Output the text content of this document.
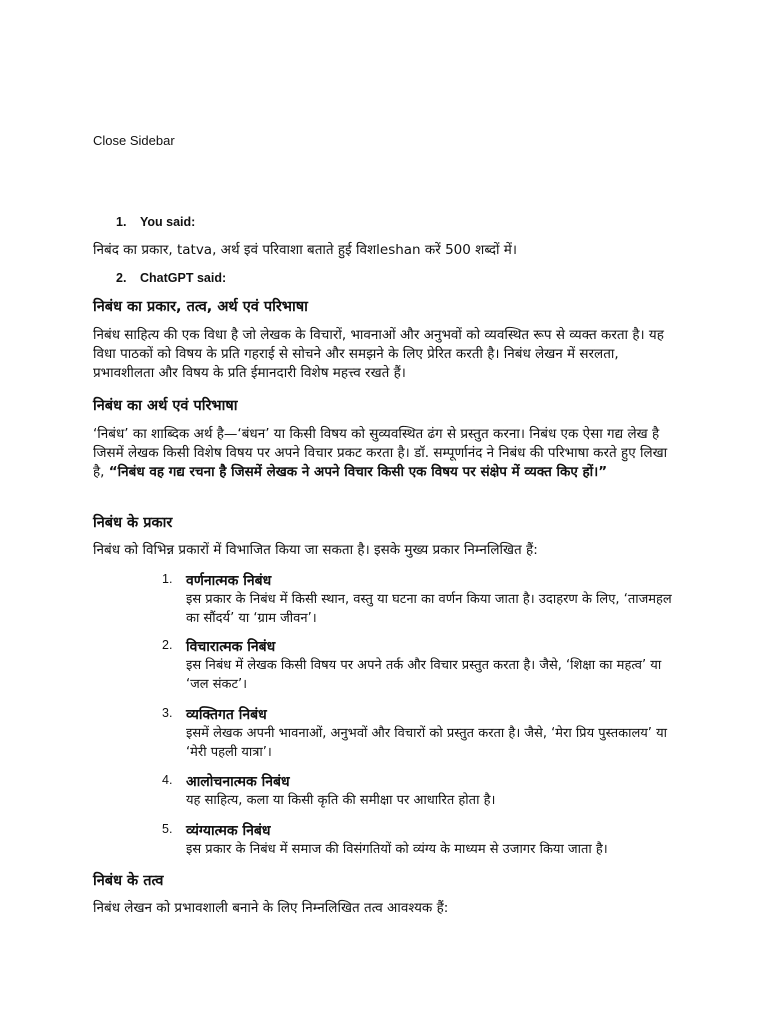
Close Sidebar
1. You said:
निबंद का प्रकार, tatva, अर्थ इवं परिवाशा बताते हुई विशleshan करें 500 शब्दों में।
2. ChatGPT said:
निबंध का प्रकार, तत्व, अर्थ एवं परिभाषा
निबंध साहित्य की एक विधा है जो लेखक के विचारों, भावनाओं और अनुभवों को व्यवस्थित रूप से व्यक्त करता है। यह विधा पाठकों को विषय के प्रति गहराई से सोचने और समझने के लिए प्रेरित करती है। निबंध लेखन में सरलता, प्रभावशीलता और विषय के प्रति ईमानदारी विशेष महत्त्व रखते हैं।
निबंध का अर्थ एवं परिभाषा
‘निबंध’ का शाब्दिक अर्थ है—‘बंधन’ या किसी विषय को सुव्यवस्थित ढंग से प्रस्तुत करना। निबंध एक ऐसा गद्य लेख है जिसमें लेखक किसी विशेष विषय पर अपने विचार प्रकट करता है। डॉ. सम्पूर्णानंद ने निबंध की परिभाषा करते हुए लिखा है, “निबंध वह गद्य रचना है जिसमें लेखक ने अपने विचार किसी एक विषय पर संक्षेप में व्यक्त किए हों।”
निबंध के प्रकार
निबंध को विभिन्न प्रकारों में विभाजित किया जा सकता है। इसके मुख्य प्रकार निम्नलिखित हैं:
1. वर्णनात्मक निबंध
इस प्रकार के निबंध में किसी स्थान, वस्तु या घटना का वर्णन किया जाता है। उदाहरण के लिए, ‘ताजमहल का सौंदर्य’ या ‘ग्राम जीवन’।
2. विचारात्मक निबंध
इस निबंध में लेखक किसी विषय पर अपने तर्क और विचार प्रस्तुत करता है। जैसे, ‘शिक्षा का महत्व’ या ‘जल संकट’।
3. व्यक्तिगत निबंध
इसमें लेखक अपनी भावनाओं, अनुभवों और विचारों को प्रस्तुत करता है। जैसे, ‘मेरा प्रिय पुस्तकालय’ या ‘मेरी पहली यात्रा’।
4. आलोचनात्मक निबंध
यह साहित्य, कला या किसी कृति की समीक्षा पर आधारित होता है।
5. व्यंग्यात्मक निबंध
इस प्रकार के निबंध में समाज की विसंगतियों को व्यंग्य के माध्यम से उजागर किया जाता है।
निबंध के तत्व
निबंध लेखन को प्रभावशाली बनाने के लिए निम्नलिखित तत्व आवश्यक हैं:
